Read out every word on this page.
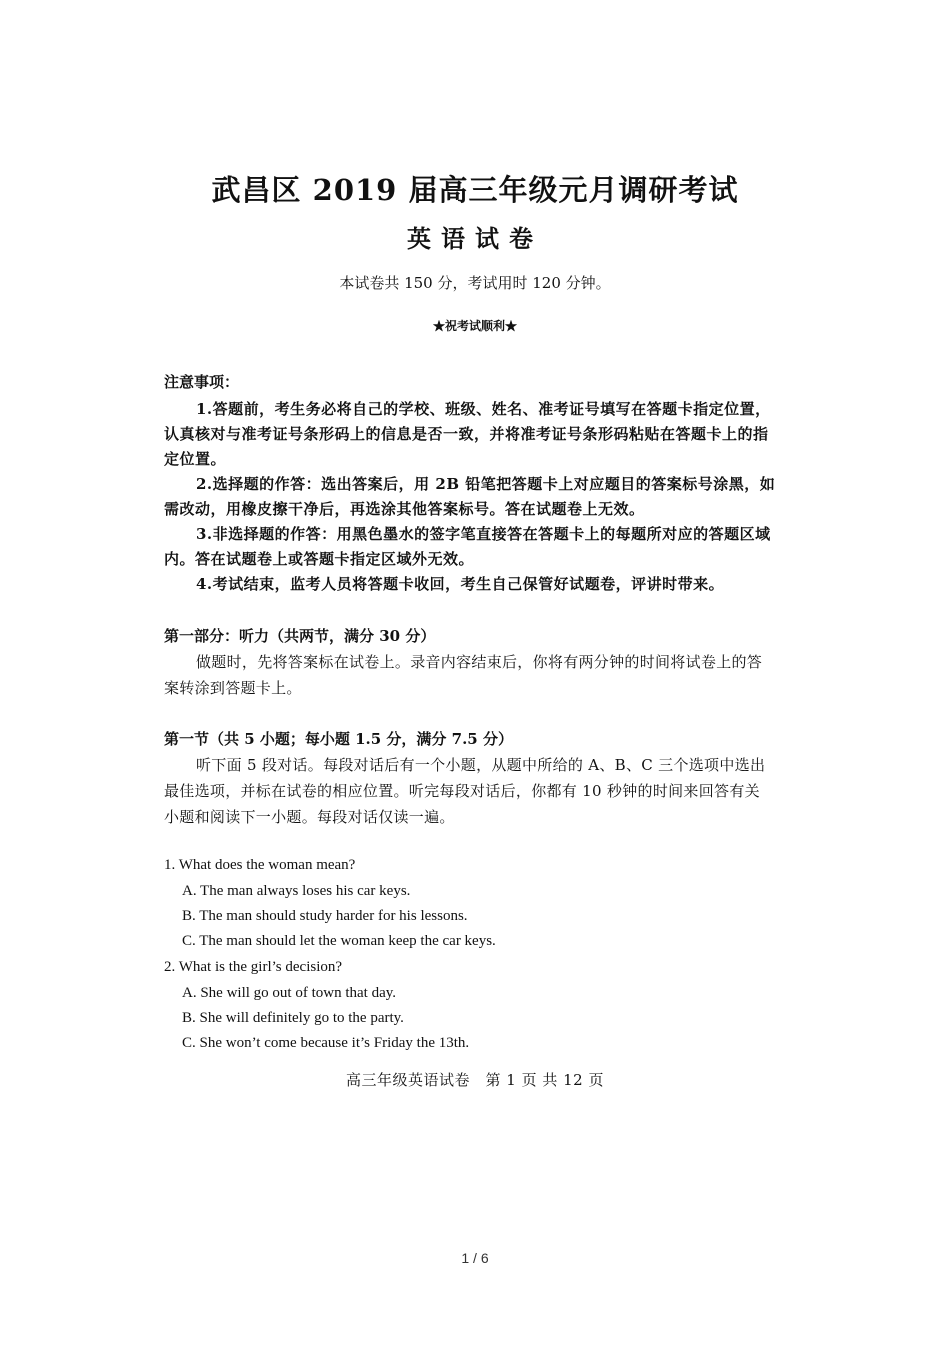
武昌区 2019 届高三年级元月调研考试
英语试卷
本试卷共 150 分，考试用时 120 分钟。
★祝考试顺利★
注意事项：
1.答题前，考生务必将自己的学校、班级、姓名、准考证号填写在答题卡指定位置，
认真核对与准考证号条形码上的信息是否一致，并将准考证号条形码粘贴在答题卡上的指
定位置。
2.选择题的作答：选出答案后，用 2B 铅笔把答题卡上对应题目的答案标号涂黑，如
需改动，用橡皮擦干净后，再选涂其他答案标号。答在试题卷上无效。
3.非选择题的作答：用黑色墨水的签字笔直接答在答题卡上的每题所对应的答题区域
内。答在试题卷上或答题卡指定区域外无效。
4.考试结束，监考人员将答题卡收回，考生自己保管好试题卷，评讲时带来。
第一部分：听力（共两节，满分 30 分）
做题时，先将答案标在试卷上。录音内容结束后，你将有两分钟的时间将试卷上的答
案转涂到答题卡上。
第一节（共 5 小题；每小题 1.5 分，满分 7.5 分）
听下面 5 段对话。每段对话后有一个小题，从题中所给的 A、B、C 三个选项中选出
最佳选项，并标在试卷的相应位置。听完每段对话后，你都有 10 秒钟的时间来回答有关
小题和阅读下一小题。每段对话仅读一遍。
1. What does the woman mean?
A. The man always loses his car keys.
B. The man should study harder for his lessons.
C. The man should let the woman keep the car keys.
2. What is the girl’s decision?
A. She will go out of town that day.
B. She will definitely go to the party.
C. She won’t come because it’s Friday the 13th.
高三年级英语试卷　第 1 页 共 12 页
1 / 6
